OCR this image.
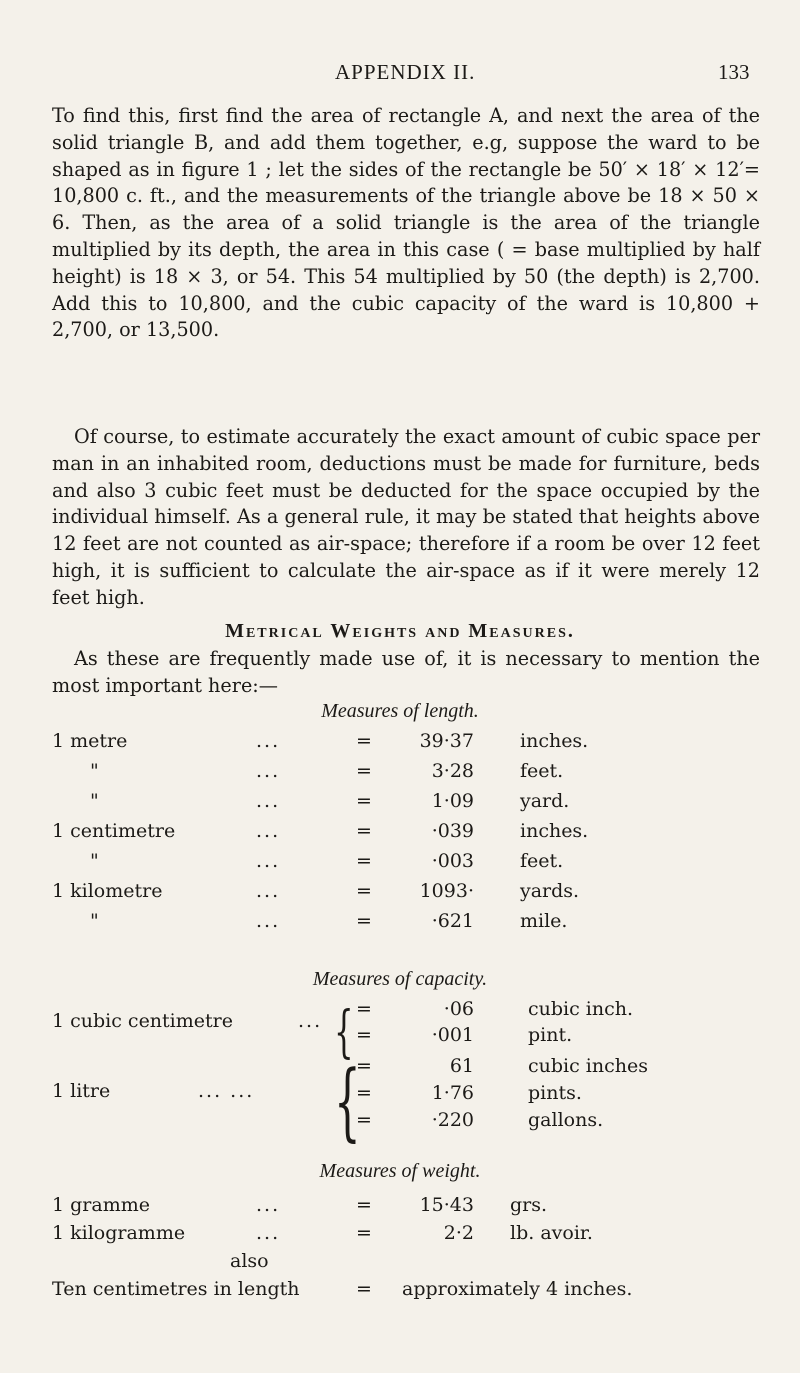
APPENDIX II.	133

To find this, first find the area of rectangle A, and next the area of the solid triangle B, and add them together, e.g, suppose the ward to be shaped as in figure 1 ; let the sides of the rectangle be 50′ × 18′ × 12′= 10,800 c. ft., and the measurements of the triangle above be 18 × 50 × 6. Then, as the area of a solid triangle is the area of the triangle multiplied by its depth, the area in this case ( = base multiplied by half height) is 18 × 3, or 54. This 54 multiplied by 50 (the depth) is 2,700. Add this to 10,800, and the cubic capacity of the ward is 10,800 + 2,700, or 13,500.

Of course, to estimate accurately the exact amount of cubic space per man in an inhabited room, deductions must be made for furniture, beds and also 3 cubic feet must be deducted for the space occupied by the individual himself. As a general rule, it may be stated that heights above 12 feet are not counted as air-space; therefore if a room be over 12 feet high, it is sufficient to calculate the air-space as if it were merely 12 feet high.

Metrical Weights and Measures.

As these are frequently made use of, it is necessary to mention the most important here:—

Measures of length.

1 metre	...	=	39·37 inches.
"	...	=	3·28 feet.
"	...	=	1·09 yard.
1 centimetre	...	=	·039 inches.
"	...	=	·003 feet.
1 kilometre	...	=	1093· yards.
"	...	=	·621 mile.

Measures of capacity.

1 cubic centimetre	... { =	·06	cubic inch.
=	·001	pint.
1 litre	... ... {
=	61	cubic inches
=	1·76	pints.
=	·220	gallons.

Measures of weight.

1 gramme	...	=	15·43 grs.
1 kilogramme	...	=	2·2 lb. avoir.
also
Ten centimetres in length	= approximately 4 inches.
